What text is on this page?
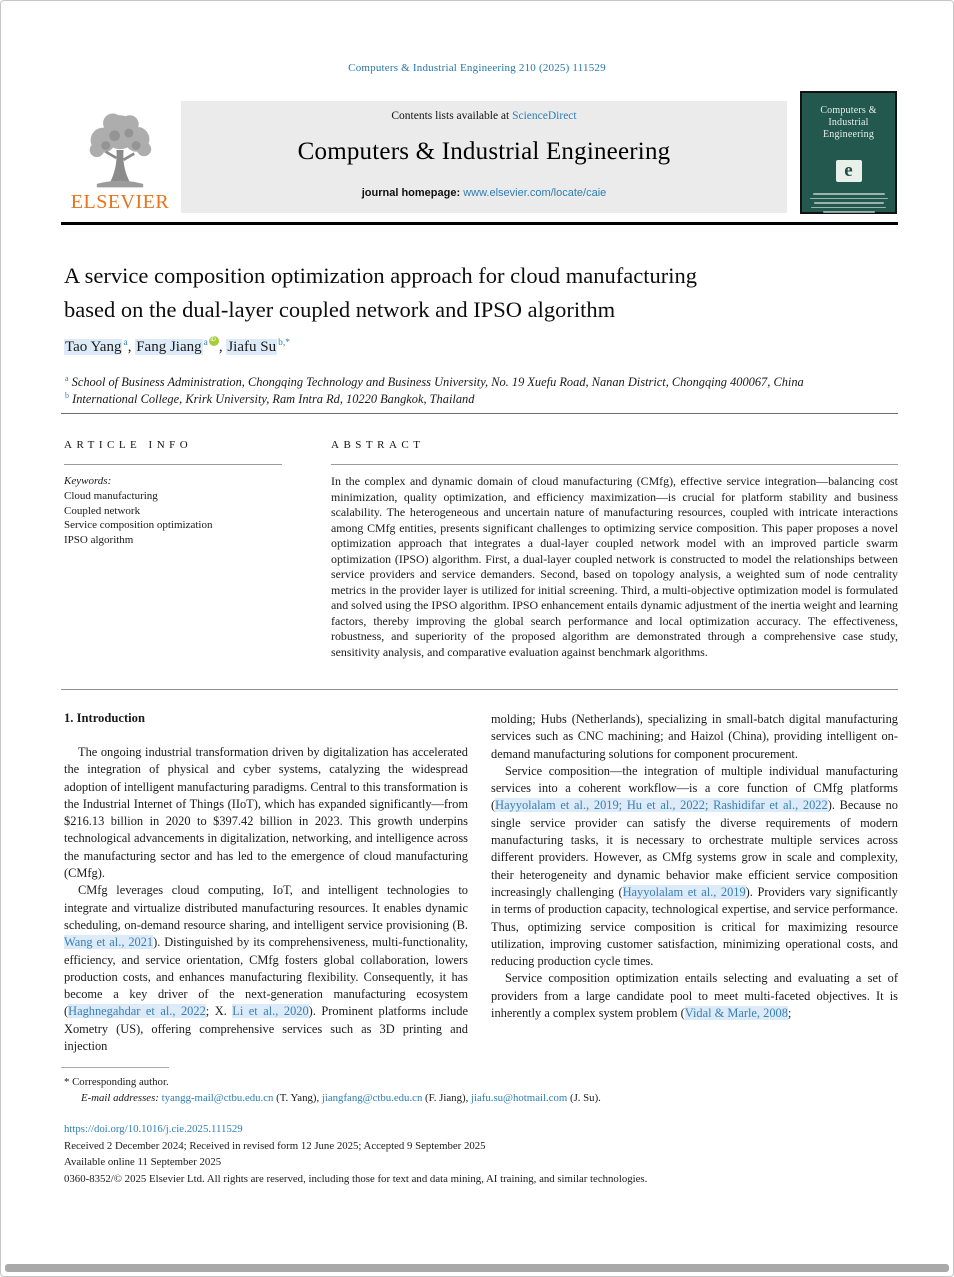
Computers & Industrial Engineering 210 (2025) 111529
ELSEVIER
Contents lists available at ScienceDirect
Computers & Industrial Engineering
journal homepage: www.elsevier.com/locate/caie
Computers &
Industrial
Engineering
e
A service composition optimization approach for cloud manufacturing
based on the dual-layer coupled network and IPSO algorithm
Tao Yang $^a$, Fang Jiang $^a$ iD , Jiafu Su $^{b,*}$

$^a$ School of Business Administration, Chongqing Technology and Business University, No. 19 Xuefu Road, Nanan District, Chongqing 400067, China

$^b$ International College, Krirk University, Ram Intra Rd, 10220 Bangkok, Thailand

ARTICLE INFO
Keywords:
Cloud manufacturing
Coupled network
Service composition optimization
IPSO algorithm
ABSTRACT
In the complex and dynamic domain of cloud manufacturing (CMfg), effective service integration—balancing cost minimization, quality optimization, and efficiency maximization—is crucial for platform stability and business scalability. The heterogeneous and uncertain nature of manufacturing resources, coupled with intricate interactions among CMfg entities, presents significant challenges to optimizing service composition. This paper proposes a novel optimization approach that integrates a dual-layer coupled network model with an improved particle swarm optimization (IPSO) algorithm. First, a dual-layer coupled network is constructed to model the relationships between service providers and service demanders. Second, based on topology analysis, a weighted sum of node centrality metrics in the provider layer is utilized for initial screening. Third, a multi-objective optimization model is formulated and solved using the IPSO algorithm. IPSO enhancement entails dynamic adjustment of the inertia weight and learning factors, thereby improving the global search performance and local optimization accuracy. The effectiveness, robustness, and superiority of the proposed algorithm are demonstrated through a comprehensive case study, sensitivity analysis, and comparative evaluation against benchmark algorithms.
1. Introduction

The ongoing industrial transformation driven by digitalization has accelerated the integration of physical and cyber systems, catalyzing the widespread adoption of intelligent manufacturing paradigms. Central to this transformation is the Industrial Internet of Things (IIoT), which has expanded significantly—from $216.13 billion in 2020 to $397.42 billion in 2023. This growth underpins technological advancements in digitalization, networking, and intelligence across the manufacturing sector and has led to the emergence of cloud manufacturing (CMfg).

CMfg leverages cloud computing, IoT, and intelligent technologies to integrate and virtualize distributed manufacturing resources. It enables dynamic scheduling, on-demand resource sharing, and intelligent service provisioning (B. Wang et al., 2021). Distinguished by its comprehensiveness, multi-functionality, efficiency, and service orientation, CMfg fosters global collaboration, lowers production costs, and enhances manufacturing flexibility. Consequently, it has become a key driver of the next-generation manufacturing ecosystem (Haghnegahdar et al., 2022; X. Li et al., 2020). Prominent platforms include Xometry (US), offering comprehensive services such as 3D printing and injection

molding; Hubs (Netherlands), specializing in small-batch digital manufacturing services such as CNC machining; and Haizol (China), providing intelligent on-demand manufacturing solutions for component procurement.

Service composition—the integration of multiple individual manufacturing services into a coherent workflow—is a core function of CMfg platforms (Hayyolalam et al., 2019; Hu et al., 2022; Rashidifar et al., 2022). Because no single service provider can satisfy the diverse requirements of modern manufacturing tasks, it is necessary to orchestrate multiple services across different providers. However, as CMfg systems grow in scale and complexity, their heterogeneity and dynamic behavior make efficient service composition increasingly challenging (Hayyolalam et al., 2019). Providers vary significantly in terms of production capacity, technological expertise, and service performance. Thus, optimizing service composition is critical for maximizing resource utilization, improving customer satisfaction, minimizing operational costs, and reducing production cycle times.

Service composition optimization entails selecting and evaluating a set of providers from a large candidate pool to meet multi-faceted objectives. It is inherently a complex system problem (Vidal & Marle, 2008;

* Corresponding author.
E-mail addresses: tyangg-mail@ctbu.edu.cn (T. Yang), jiangfang@ctbu.edu.cn (F. Jiang), jiafu.su@hotmail.com (J. Su).
https://doi.org/10.1016/j.cie.2025.111529
Received 2 December 2024; Received in revised form 12 June 2025; Accepted 9 September 2025
Available online 11 September 2025
0360-8352/© 2025 Elsevier Ltd. All rights are reserved, including those for text and data mining, AI training, and similar technologies.
